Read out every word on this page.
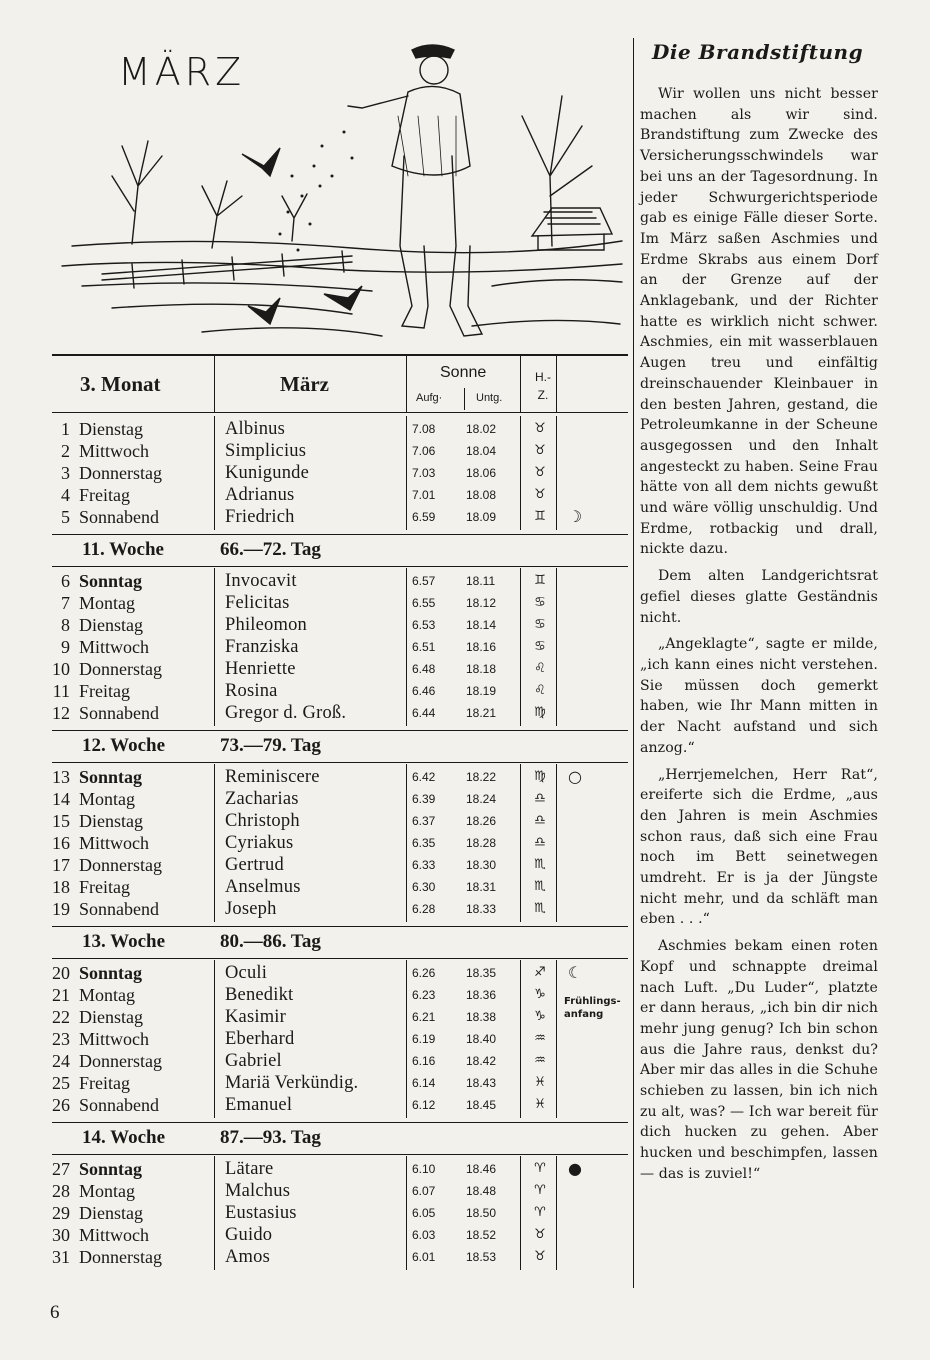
MÄRZ
3. Monat	März	Sonne
Aufg·	Untg.
H.- Z.
1 Dienstag	Albinus	7.08	18.02	♉
2 Mittwoch	Simplicius	7.06	18.04	♉
3 Donnerstag	Kunigunde	7.03	18.06	♉
4 Freitag	Adrianus	7.01	18.08	♉
5 Sonnabend	Friedrich	6.59	18.09	♊	☽
11. Woche	66.—72. Tag
6 Sonntag	Invocavit	6.57	18.11	♊
7 Montag	Felicitas	6.55	18.12	♋
8 Dienstag	Phileomon	6.53	18.14	♋
9 Mittwoch	Franziska	6.51	18.16	♋
10 Donnerstag	Henriette	6.48	18.18	♌
11 Freitag	Rosina	6.46	18.19	♌
12 Sonnabend	Gregor d. Groß.	6.44	18.21	♍
12. Woche	73.—79. Tag
13 Sonntag	Reminiscere	6.42	18.22	♍	○
14 Montag	Zacharias	6.39	18.24	♎
15 Dienstag	Christoph	6.37	18.26	♎
16 Mittwoch	Cyriakus	6.35	18.28	♎
17 Donnerstag	Gertrud	6.33	18.30	♏
18 Freitag	Anselmus	6.30	18.31	♏
19 Sonnabend	Joseph	6.28	18.33	♏
13. Woche	80.—86. Tag
20 Sonntag	Oculi	6.26	18.35	♐	☾
21 Montag	Benedikt	6.23	18.36	♑
22 Dienstag	Kasimir	6.21	18.38	♑
23 Mittwoch	Eberhard	6.19	18.40	♒
24 Donnerstag	Gabriel	6.16	18.42	♒
25 Freitag	Mariä Verkündig.	6.14	18.43	♓
26 Sonnabend	Emanuel	6.12	18.45	♓
14. Woche	87.—93. Tag
27 Sonntag	Lätare	6.10	18.46	♈	●
28 Montag	Malchus	6.07	18.48	♈
29 Dienstag	Eustasius	6.05	18.50	♈
30 Mittwoch	Guido	6.03	18.52	♉
31 Donnerstag	Amos	6.01	18.53	♉
Frühlings- anfang
6
Die Brandstiftung

Wir wollen uns nicht besser machen als wir sind. Brandstiftung zum Zwecke des Versicherungsschwindels war bei uns an der Tagesordnung. In jeder Schwurgerichtsperiode gab es einige Fälle dieser Sorte. Im März saßen Aschmies und Erdme Skrabs aus einem Dorf an der Grenze auf der Anklagebank, und der Richter hatte es wirklich nicht schwer. Aschmies, ein mit wasserblauen Augen treu und einfältig dreinschauender Kleinbauer in den besten Jahren, gestand, die Petroleumkanne in der Scheune ausgegossen und den Inhalt angesteckt zu haben. Seine Frau hätte von all dem nichts gewußt und wäre völlig unschuldig. Und Erdme, rotbackig und drall, nickte dazu.

Dem alten Landgerichtsrat gefiel dieses glatte Geständnis nicht.

„Angeklagte“, sagte er milde, „ich kann eines nicht verstehen. Sie müssen doch gemerkt haben, wie Ihr Mann mitten in der Nacht aufstand und sich anzog.“

„Herrjemelchen, Herr Rat“, ereiferte sich die Erdme, „aus den Jahren is mein Aschmies schon raus, daß sich eine Frau noch im Bett seinetwegen umdreht. Er is ja der Jüngste nicht mehr, und da schläft man eben . . .“

Aschmies bekam einen roten Kopf und schnappte dreimal nach Luft. „Du Luder“, platzte er dann heraus, „ich bin dir nich mehr jung genug? Ich bin schon aus die Jahre raus, denkst du? Aber mir das alles in die Schuhe schieben zu lassen, bin ich nich zu alt, was? — Ich war bereit für dich hucken zu gehen. Aber hucken und beschimpfen, lassen — das is zuviel!“
